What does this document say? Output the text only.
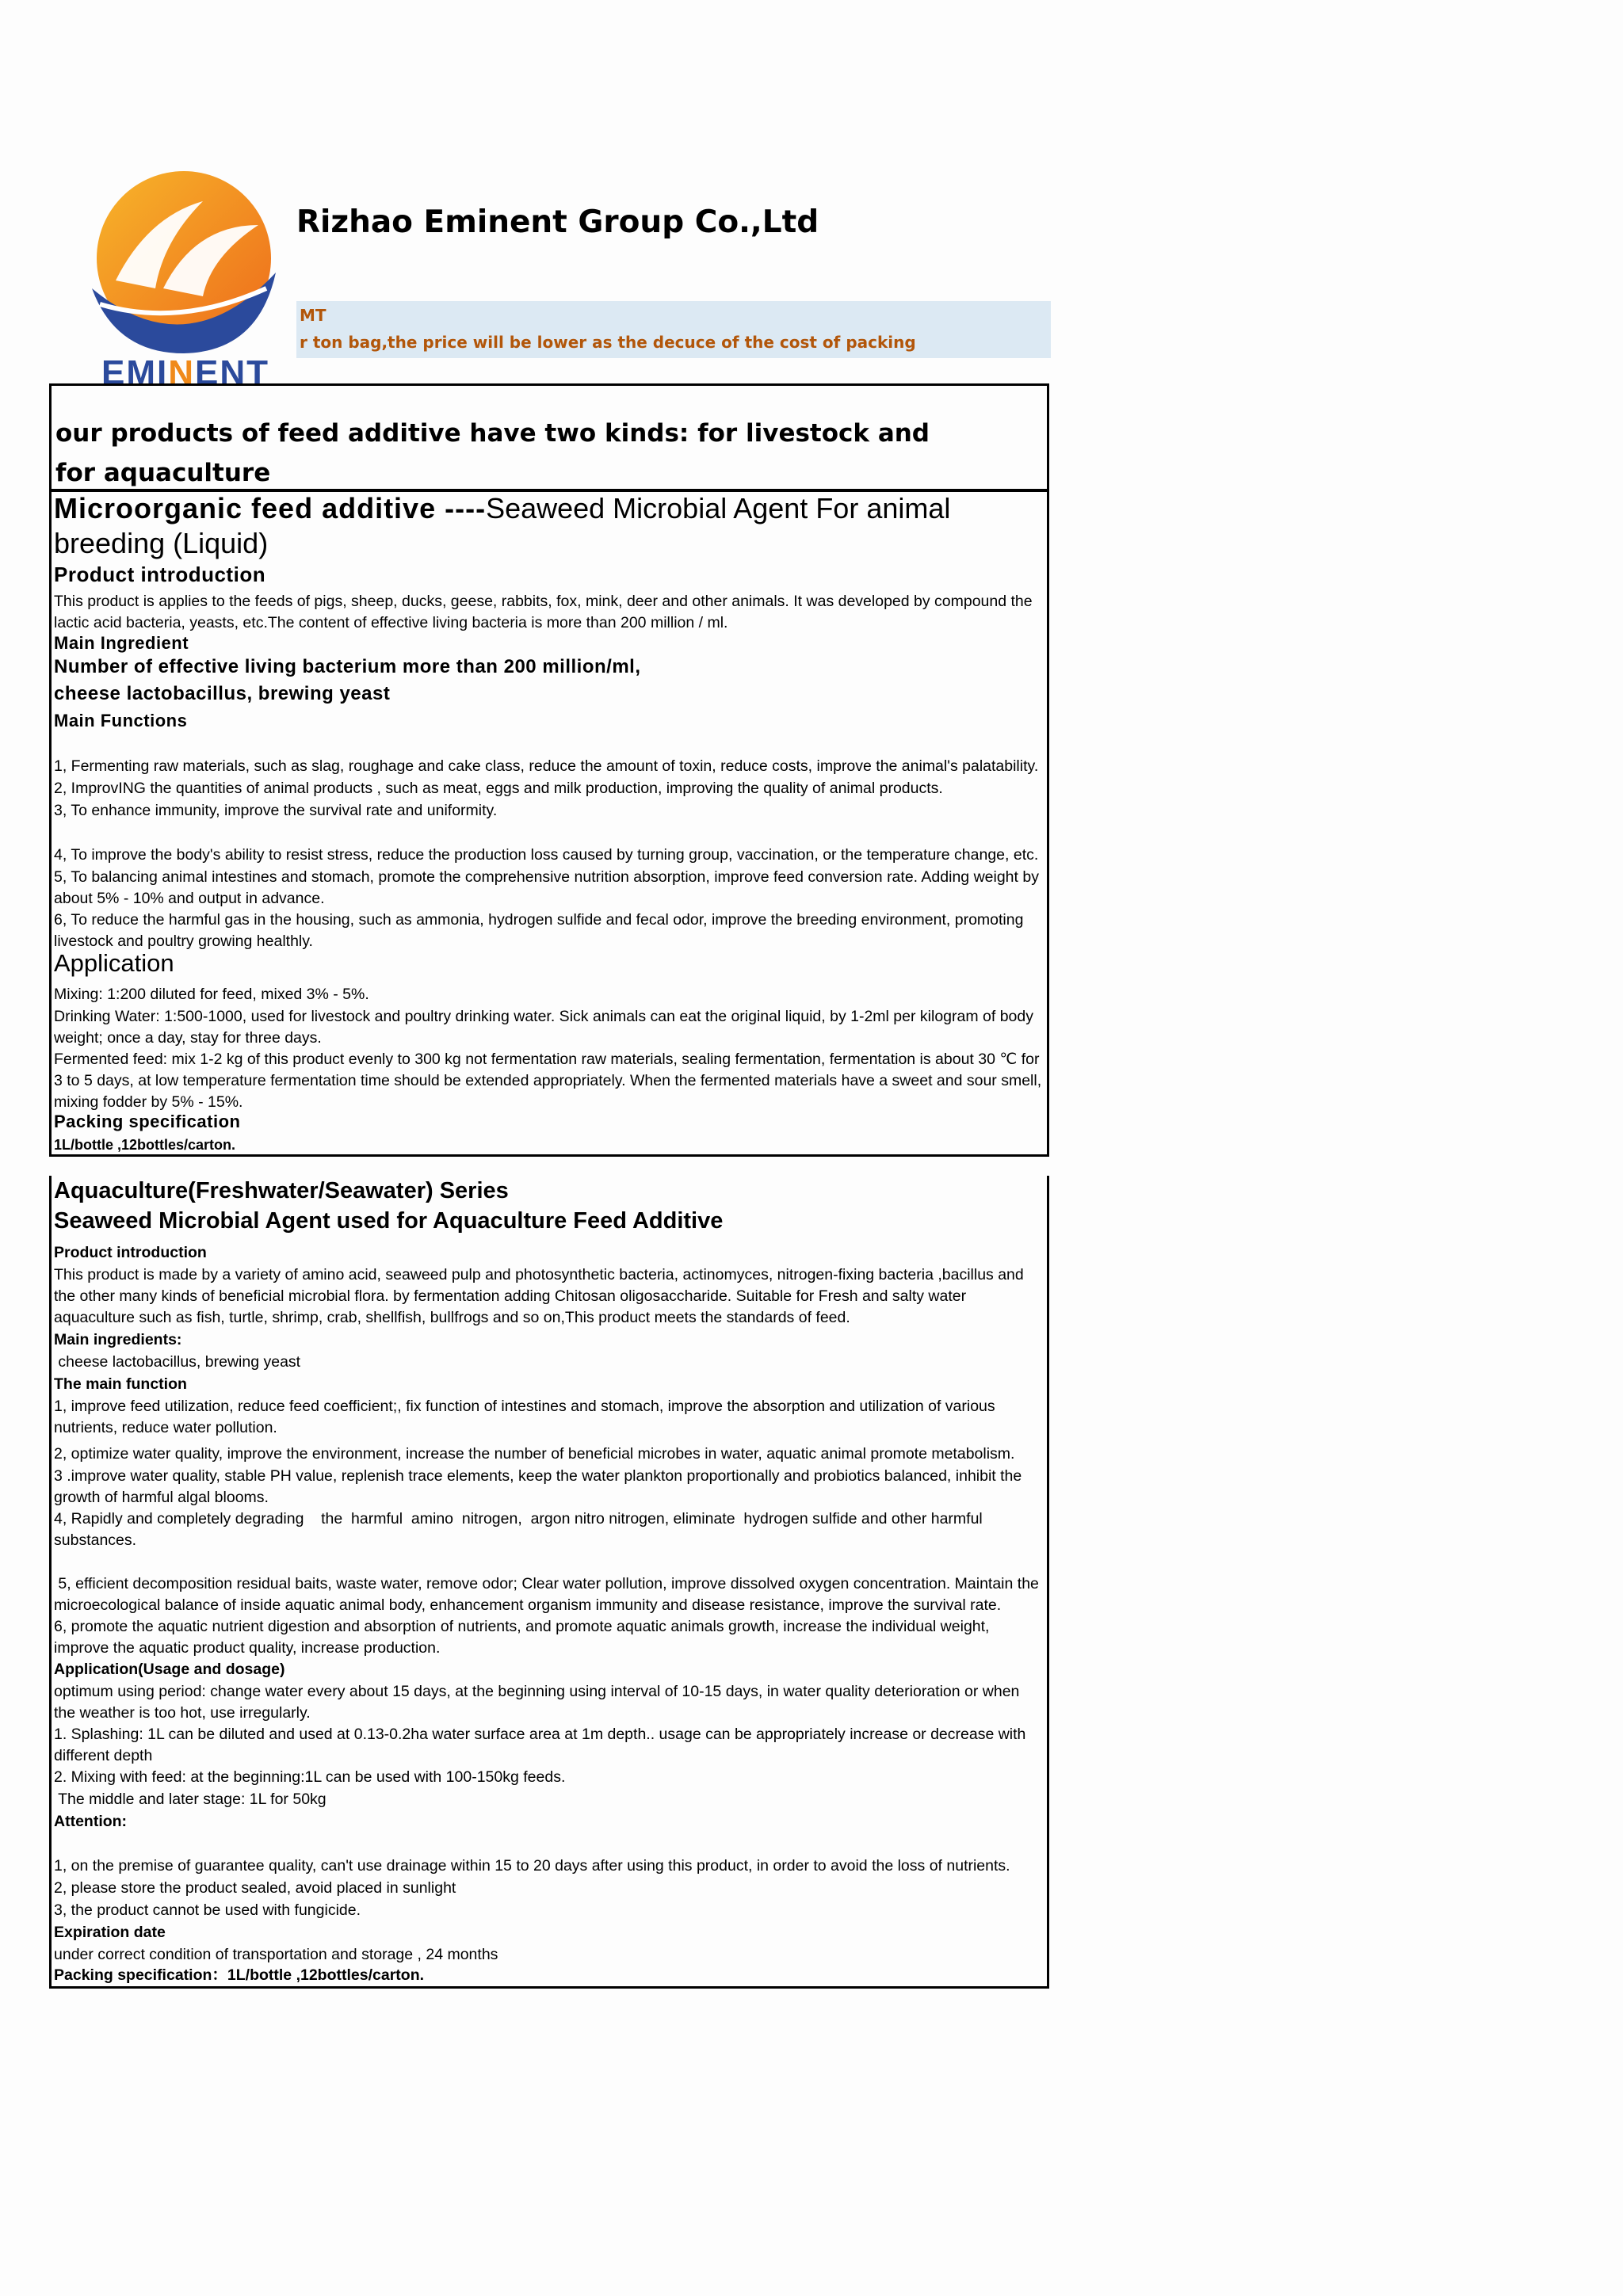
EMINENT
Rizhao Eminent Group Co.,Ltd
MT
r ton bag,the price will be lower as the decuce of the cost of packing
our products of feed additive have two kinds: for livestock and for aquaculture
Microorganic feed additive ----Seaweed Microbial Agent For animal breeding (Liquid)
Product introduction
This product is applies to the feeds of pigs, sheep, ducks, geese, rabbits, fox, mink, deer and other animals. It was developed by compound the lactic acid bacteria, yeasts, etc.The content of effective living bacteria is more than 200 million / ml.
Main Ingredient
Number of effective living bacterium more than 200 million/ml,
cheese lactobacillus, brewing yeast
Main Functions
1, Fermenting raw materials, such as slag, roughage and cake class, reduce the amount of toxin, reduce costs, improve the animal's palatability.
2, ImprovING the quantities of animal products , such as meat, eggs and milk production, improving the quality of animal products.
3, To enhance immunity, improve the survival rate and uniformity.
4, To improve the body's ability to resist stress, reduce the production loss caused by turning group, vaccination, or the temperature change, etc.
5, To balancing animal intestines and stomach, promote the comprehensive nutrition absorption, improve feed conversion rate. Adding weight by about 5% - 10% and output in advance.
6, To reduce the harmful gas in the housing, such as ammonia, hydrogen sulfide and fecal odor, improve the breeding environment, promoting livestock and poultry growing healthly.
Application
Mixing: 1:200 diluted for feed, mixed 3% - 5%.
Drinking Water: 1:500-1000, used for livestock and poultry drinking water. Sick animals can eat the original liquid, by 1-2ml per kilogram of body weight; once a day, stay for three days.
Fermented feed: mix 1-2 kg of this product evenly to 300 kg not fermentation raw materials, sealing fermentation, fermentation is about 30 ℃ for 3 to 5 days, at low temperature fermentation time should be extended appropriately. When the fermented materials have a sweet and sour smell, mixing fodder by 5% - 15%.
Packing specification
1L/bottle ,12bottles/carton.
Aquaculture(Freshwater/Seawater) Series
Seaweed Microbial Agent used for Aquaculture Feed Additive
Product introduction
This product is made by a variety of amino acid, seaweed pulp and photosynthetic bacteria, actinomyces, nitrogen-fixing bacteria ,bacillus and the other many kinds of beneficial microbial flora. by fermentation adding Chitosan oligosaccharide. Suitable for Fresh and salty water aquaculture such as fish, turtle, shrimp, crab, shellfish, bullfrogs and so on,This product meets the standards of feed.
Main ingredients:
cheese lactobacillus, brewing yeast
The main function
1, improve feed utilization, reduce feed coefficient;, fix function of intestines and stomach, improve the absorption and utilization of various nutrients, reduce water pollution.
2, optimize water quality, improve the environment, increase the number of beneficial microbes in water, aquatic animal promote metabolism.
3 .improve water quality, stable PH value, replenish trace elements, keep the water plankton proportionally and probiotics balanced, inhibit the growth of harmful algal blooms.
4, Rapidly and completely degrading    the  harmful  amino  nitrogen,  argon nitro nitrogen, eliminate  hydrogen sulfide and other harmful substances.
5, efficient decomposition residual baits, waste water, remove odor; Clear water pollution, improve dissolved oxygen concentration. Maintain the microecological balance of inside aquatic animal body, enhancement organism immunity and disease resistance, improve the survival rate.
6, promote the aquatic nutrient digestion and absorption of nutrients, and promote aquatic animals growth, increase the individual weight, improve the aquatic product quality, increase production.
Application(Usage and dosage)
optimum using period: change water every about 15 days, at the beginning using interval of 10-15 days, in water quality deterioration or when the weather is too hot, use irregularly.
1. Splashing: 1L can be diluted and used at 0.13-0.2ha water surface area at 1m depth.. usage can be appropriately increase or decrease with different depth
2. Mixing with feed: at the beginning:1L can be used with 100-150kg feeds.
The middle and later stage: 1L for 50kg
Attention:
1, on the premise of guarantee quality, can't use drainage within 15 to 20 days after using this product, in order to avoid the loss of nutrients.
2, please store the product sealed, avoid placed in sunlight
3, the product cannot be used with fungicide.
Expiration date
under correct condition of transportation and storage , 24 months
Packing specification：1L/bottle ,12bottles/carton.
